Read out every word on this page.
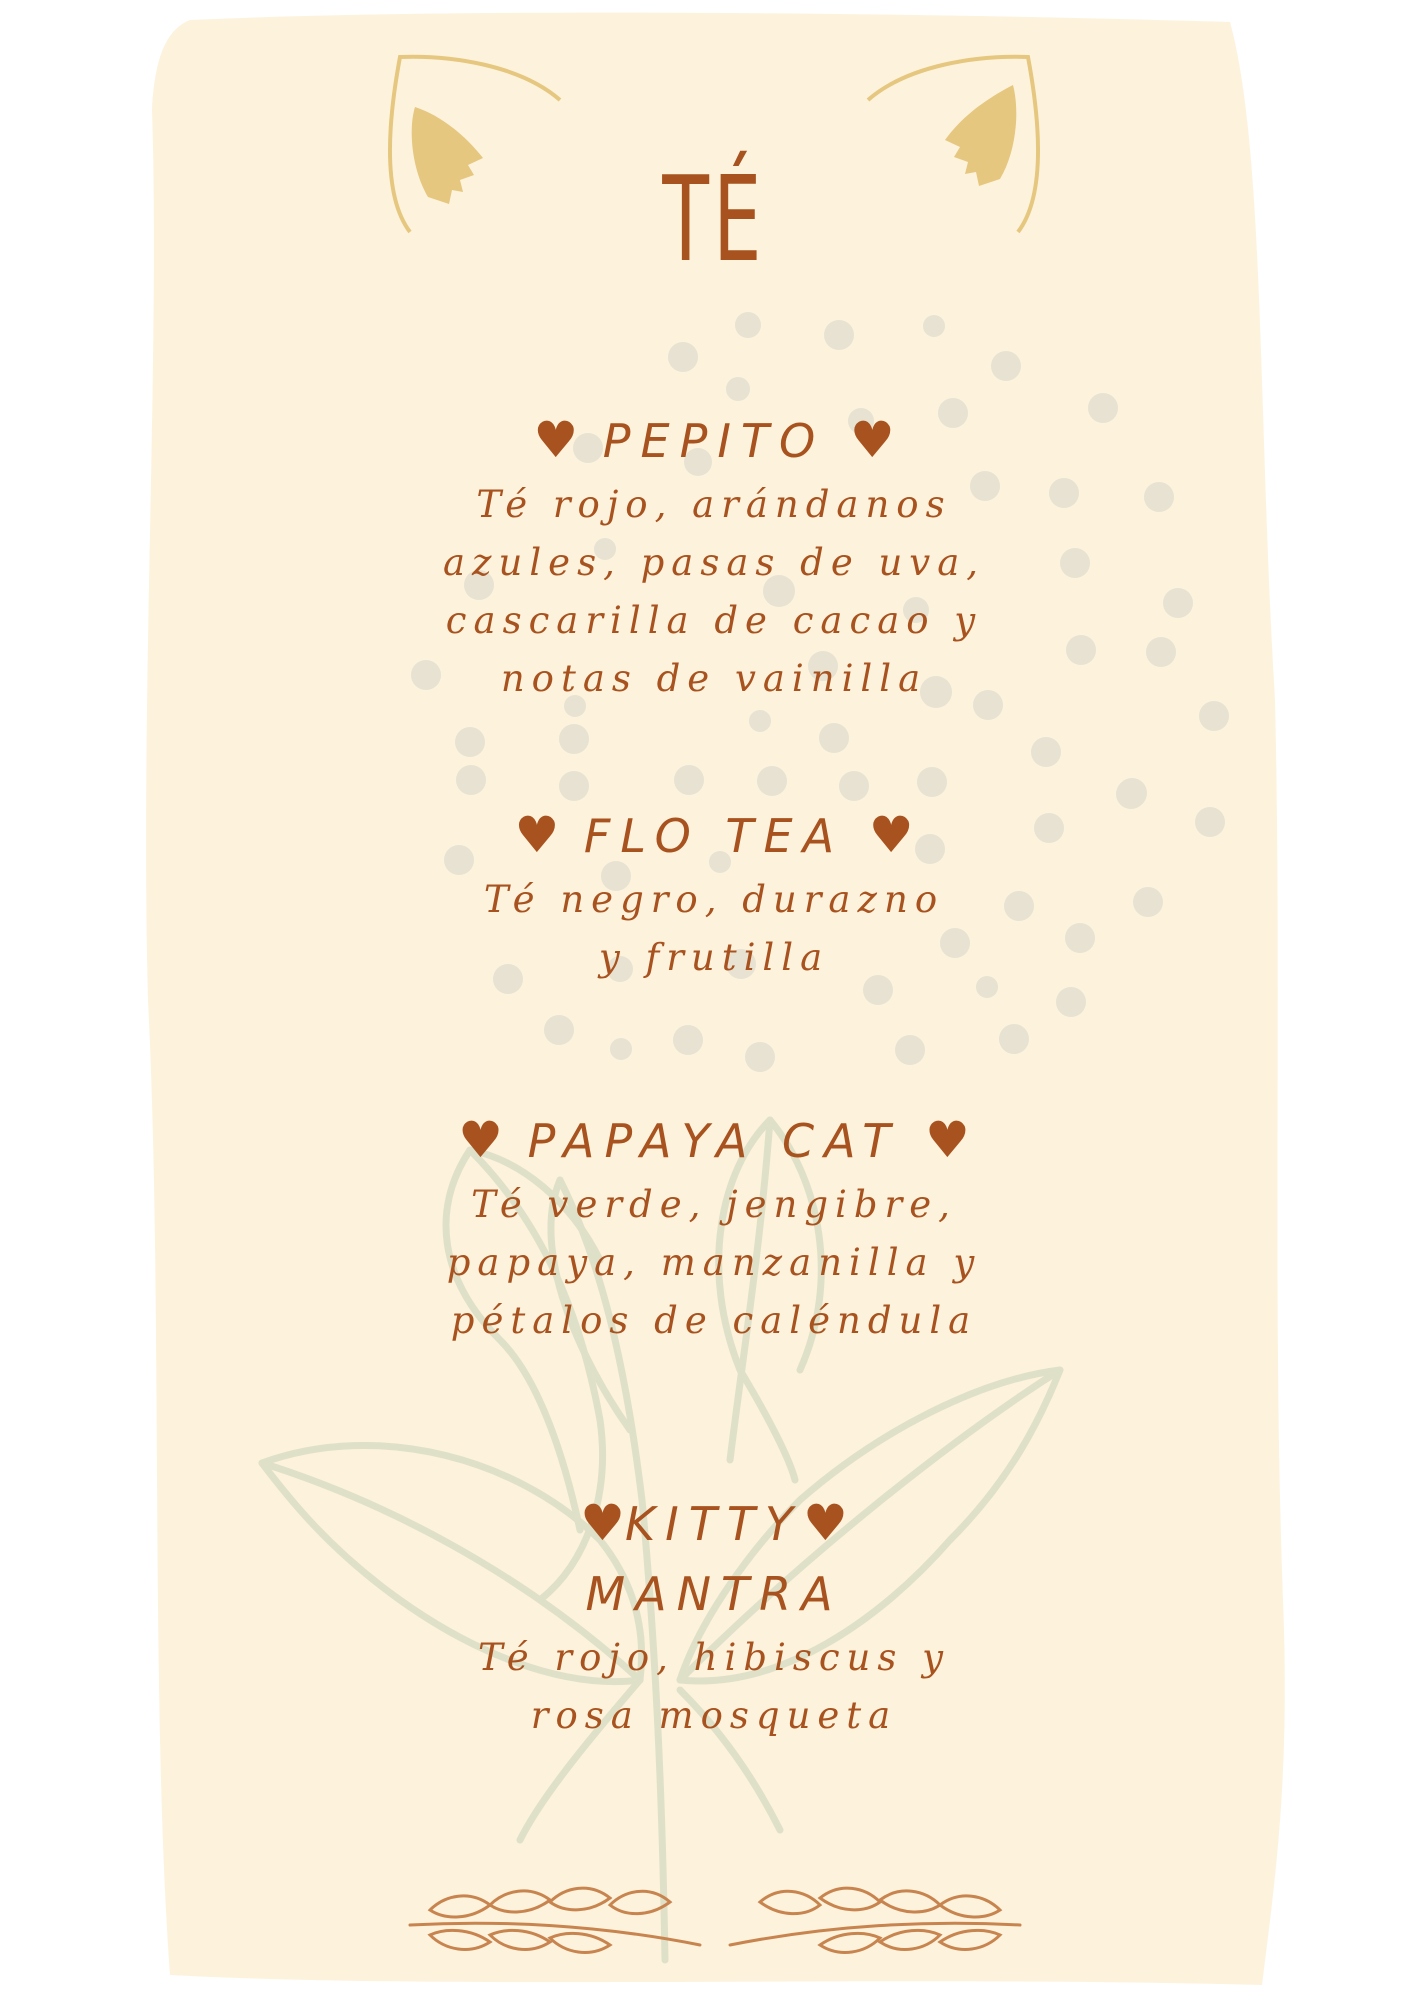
TÉ
♥ PEPITO ♥
Té rojo, arándanos
azules, pasas de uva,
cascarilla de cacao y
notas de vainilla
♥ FLO TEA ♥
Té negro, durazno
y frutilla
♥ PAPAYA CAT ♥
Té verde, jengibre,
papaya, manzanilla y
pétalos de caléndula
♥KITTY♥
MANTRA
Té rojo, hibiscus y
rosa mosqueta
